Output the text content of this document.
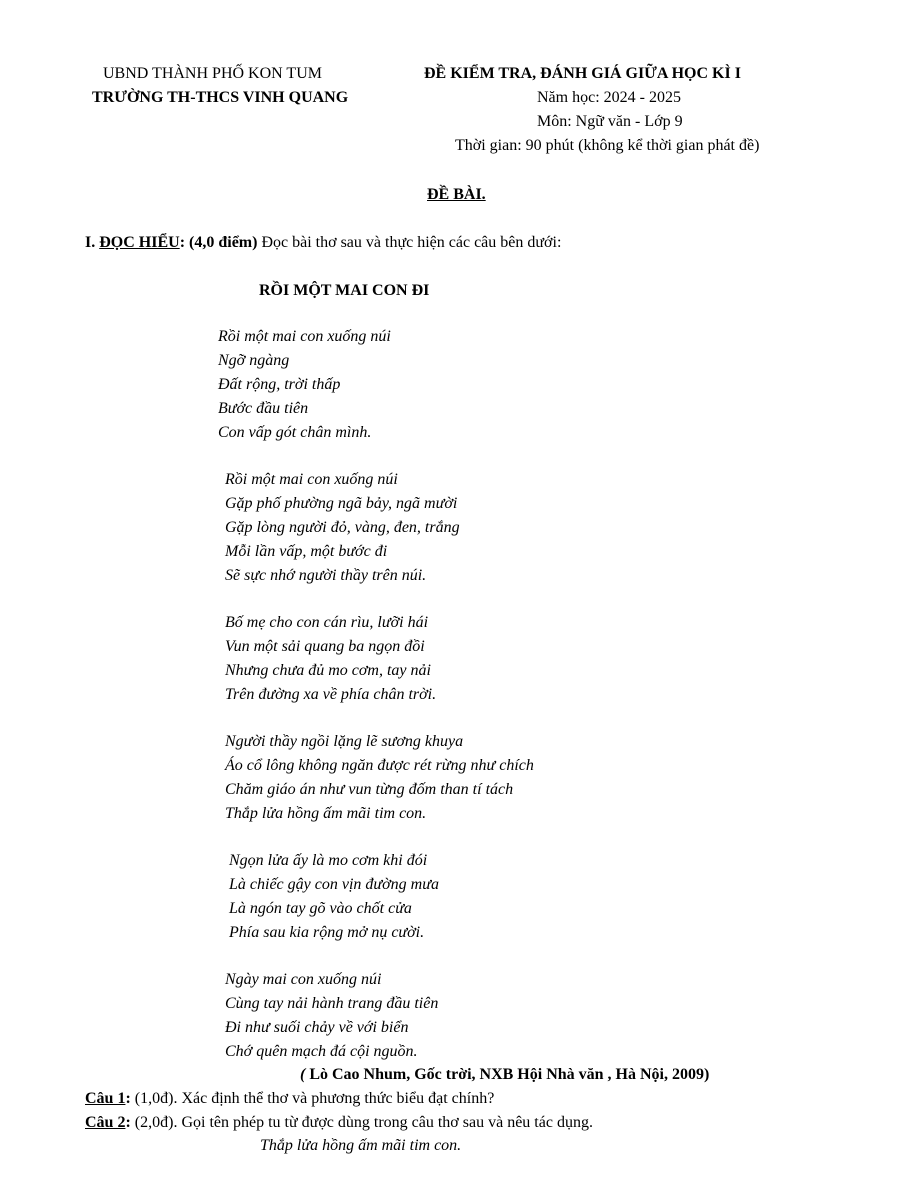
UBND THÀNH PHỐ KON TUM
TRƯỜNG TH-THCS VINH QUANG
ĐỀ KIỂM TRA, ĐÁNH GIÁ GIỮA HỌC KÌ I
Năm học: 2024 - 2025
Môn: Ngữ văn - Lớp 9
Thời gian: 90 phút (không kể thời gian phát đề)
ĐỀ BÀI.
I. ĐỌC HIỂU: (4,0 điểm) Đọc bài thơ sau và thực hiện các câu bên dưới:
RỒI MỘT MAI CON ĐI
Rồi một mai con xuống núi
Ngỡ ngàng
Đất rộng, trời thấp
Bước đầu tiên
Con vấp gót chân mình.
Rồi một mai con xuống núi
Gặp phố phường ngã bảy, ngã mười
Gặp lòng người đỏ, vàng, đen, trắng
Mỗi lần vấp, một bước đi
Sẽ sực nhớ người thầy trên núi.
Bố mẹ cho con cán rìu, lưỡi hái
Vun một sải quang ba ngọn đồi
Nhưng chưa đủ mo cơm, tay nải
Trên đường xa về phía chân trời.
Người thầy ngồi lặng lẽ sương khuya
Áo cổ lông không ngăn được rét rừng như chích
Chăm giáo án như vun từng đốm than tí tách
Thắp lửa hồng ấm mãi tim con.
Ngọn lửa ấy là mo cơm khi đói
Là chiếc gậy con vịn đường mưa
Là ngón tay gõ vào chốt cửa
Phía sau kia rộng mở nụ cười.
Ngày mai con xuống núi
Cùng tay nải hành trang đầu tiên
Đi như suối chảy về với biển
Chớ quên mạch đá cội nguồn.
( Lò Cao Nhum, Gốc trời, NXB Hội Nhà văn , Hà Nội, 2009)
Câu 1: (1,0đ). Xác định thể thơ và phương thức biểu đạt chính?
Câu 2: (2,0đ). Gọi tên phép tu từ được dùng trong câu thơ sau và nêu tác dụng.
Thắp lửa hồng ấm mãi tim con.
